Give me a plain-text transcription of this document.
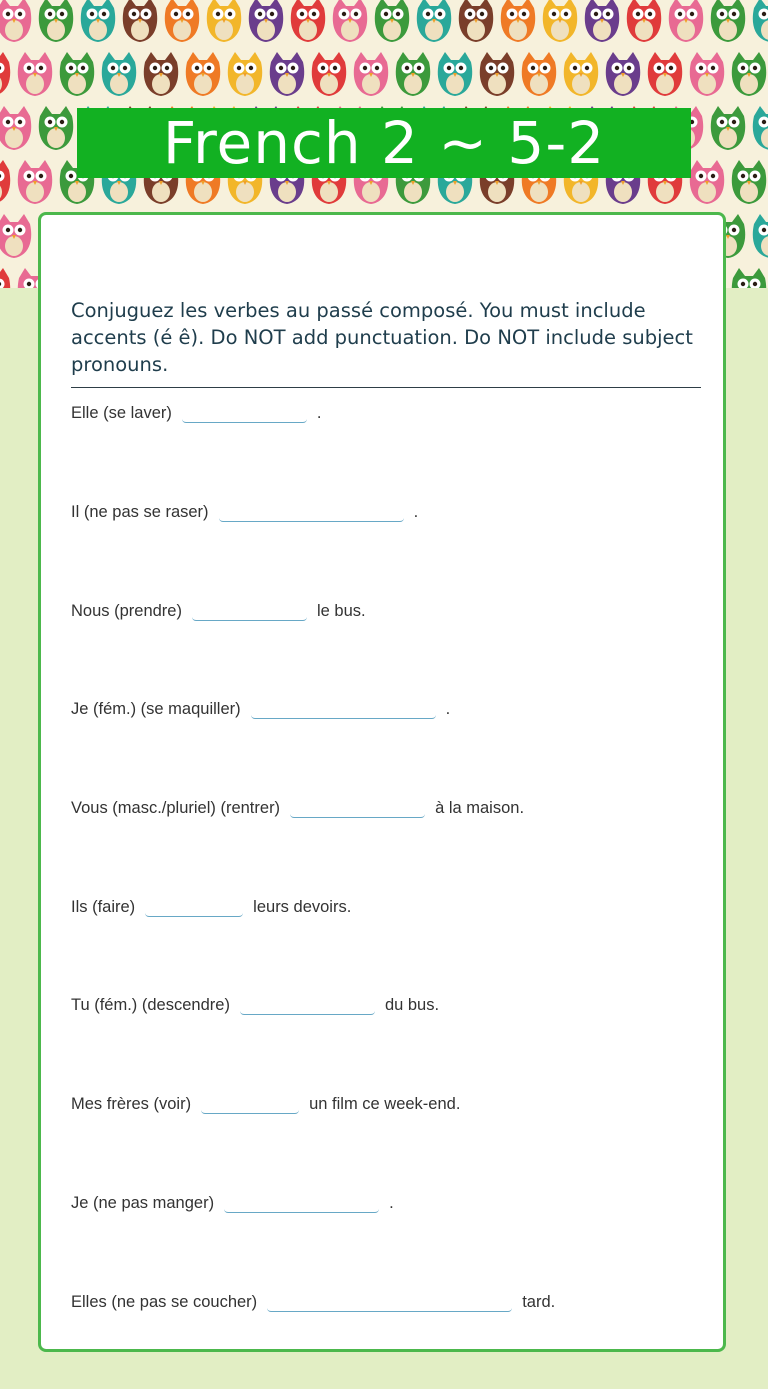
French 2 ~ 5-2

Conjuguez les verbes au passé composé. You must include accents (é ê). Do NOT add punctuation. Do NOT include subject pronouns.

Elle (se laver)	.
Il (ne pas se raser)	.
Nous (prendre)	le bus.
Je (fém.) (se maquiller)	.
Vous (masc./pluriel) (rentrer)	à la maison.
Ils (faire)	leurs devoirs.
Tu (fém.) (descendre)	du bus.
Mes frères (voir)	un film ce week-end.
Je (ne pas manger)	.
Elles (ne pas se coucher)	tard.
